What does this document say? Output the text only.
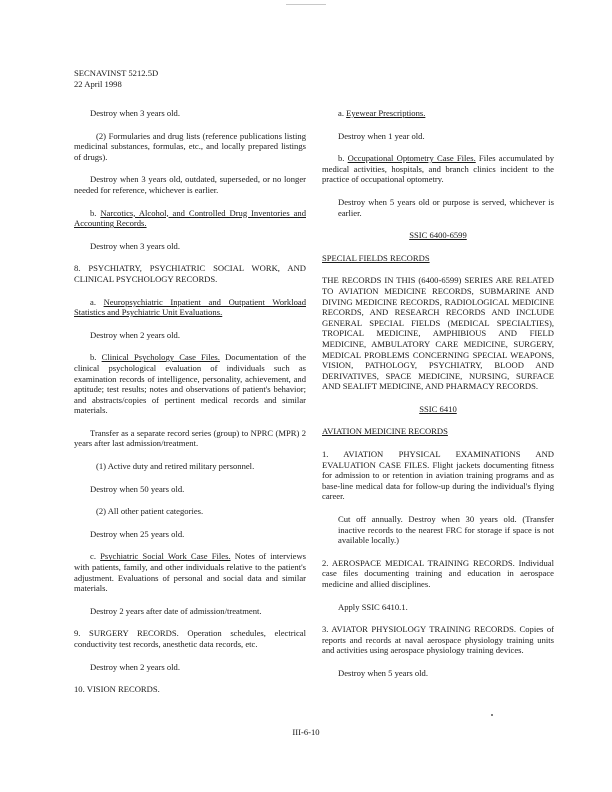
SECNAVINST 5212.5D
22 April 1998

Destroy when 3 years old.

(2) Formularies and drug lists (reference publications listing medicinal substances, formulas, etc., and locally prepared listings of drugs).

Destroy when 3 years old, outdated, superseded, or no longer needed for reference, whichever is earlier.

b. Narcotics, Alcohol, and Controlled Drug Inventories and Accounting Records.

Destroy when 3 years old.

8. PSYCHIATRY, PSYCHIATRIC SOCIAL WORK, AND CLINICAL PSYCHOLOGY RECORDS.

a. Neuropsychiatric Inpatient and Outpatient Workload Statistics and Psychiatric Unit Evaluations.

Destroy when 2 years old.

b. Clinical Psychology Case Files. Documentation of the clinical psychological evaluation of individuals such as examination records of intelligence, personality, achievement, and aptitude; test results; notes and observations of patient's behavior; and abstracts/copies of pertinent medical records and similar materials.

Transfer as a separate record series (group) to NPRC (MPR) 2 years after last admission/treatment.

(1) Active duty and retired military personnel.

Destroy when 50 years old.

(2) All other patient categories.

Destroy when 25 years old.

c. Psychiatric Social Work Case Files. Notes of interviews with patients, family, and other individuals relative to the patient's adjustment. Evaluations of personal and social data and similar materials.

Destroy 2 years after date of admission/treatment.

9. SURGERY RECORDS. Operation schedules, electrical conductivity test records, anesthetic data records, etc.

Destroy when 2 years old.

10. VISION RECORDS.

a. Eyewear Prescriptions.

Destroy when 1 year old.

b. Occupational Optometry Case Files. Files accumulated by medical activities, hospitals, and branch clinics incident to the practice of occupational optometry.

Destroy when 5 years old or purpose is served, whichever is earlier.

SSIC 6400-6599

SPECIAL FIELDS RECORDS

THE RECORDS IN THIS (6400-6599) SERIES ARE RELATED TO AVIATION MEDICINE RECORDS, SUBMARINE AND DIVING MEDICINE RECORDS, RADIOLOGICAL MEDICINE RECORDS, AND RESEARCH RECORDS AND INCLUDE GENERAL SPECIAL FIELDS (MEDICAL SPECIALTIES), TROPICAL MEDICINE, AMPHIBIOUS AND FIELD MEDICINE, AMBULATORY CARE MEDICINE, SURGERY, MEDICAL PROBLEMS CONCERNING SPECIAL WEAPONS, VISION, PATHOLOGY, PSYCHIATRY, BLOOD AND DERIVATIVES, SPACE MEDICINE, NURSING, SURFACE AND SEALIFT MEDICINE, AND PHARMACY RECORDS.

SSIC 6410

AVIATION MEDICINE RECORDS

1. AVIATION PHYSICAL EXAMINATIONS AND EVALUATION CASE FILES. Flight jackets documenting fitness for admission to or retention in aviation training programs and as base-line medical data for follow-up during the individual's flying career.

Cut off annually. Destroy when 30 years old. (Transfer inactive records to the nearest FRC for storage if space is not available locally.)

2. AEROSPACE MEDICAL TRAINING RECORDS. Individual case files documenting training and education in aerospace medicine and allied disciplines.

Apply SSIC 6410.1.

3. AVIATOR PHYSIOLOGY TRAINING RECORDS. Copies of reports and records at naval aerospace physiology training units and activities using aerospace physiology training devices.

Destroy when 5 years old.

III-6-10
